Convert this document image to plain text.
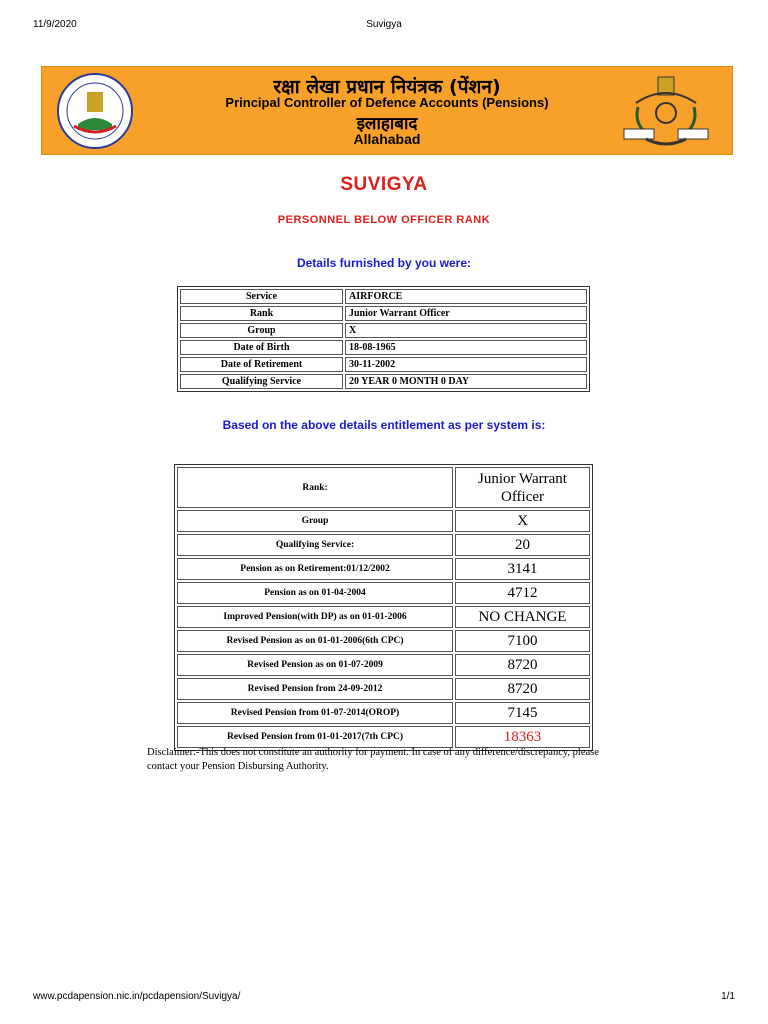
11/9/2020	Suvigya
रक्षा लेखा प्रधान नियंत्रक (पेंशन)
Principal Controller of Defence Accounts (Pensions)
इलाहाबाद
Allahabad
SUVIGYA
PERSONNEL BELOW OFFICER RANK
Details furnished by you were:
Service	AIRFORCE
Rank	Junior Warrant Officer
Group	X
Date of Birth	18-08-1965
Date of Retirement	30-11-2002
Qualifying Service	20 YEAR 0 MONTH 0 DAY
Based on the above details entitlement as per system is:
Rank:	Junior Warrant Officer
Group	X
Qualifying Service:	20
Pension as on Retirement:01/12/2002	3141
Pension as on 01-04-2004	4712
Improved Pension(with DP) as on 01-01-2006	NO CHANGE
Revised Pension as on 01-01-2006(6th CPC)	7100
Revised Pension as on 01-07-2009	8720
Revised Pension from 24-09-2012	8720
Revised Pension from 01-07-2014(OROP)	7145
Revised Pension from 01-01-2017(7th CPC)	18363
Disclaimer:-This does not constitute an authority for payment. In case of any difference/discrepancy, please contact your Pension Disbursing Authority.
www.pcdapension.nic.in/pcdapension/Suvigya/	1/1
